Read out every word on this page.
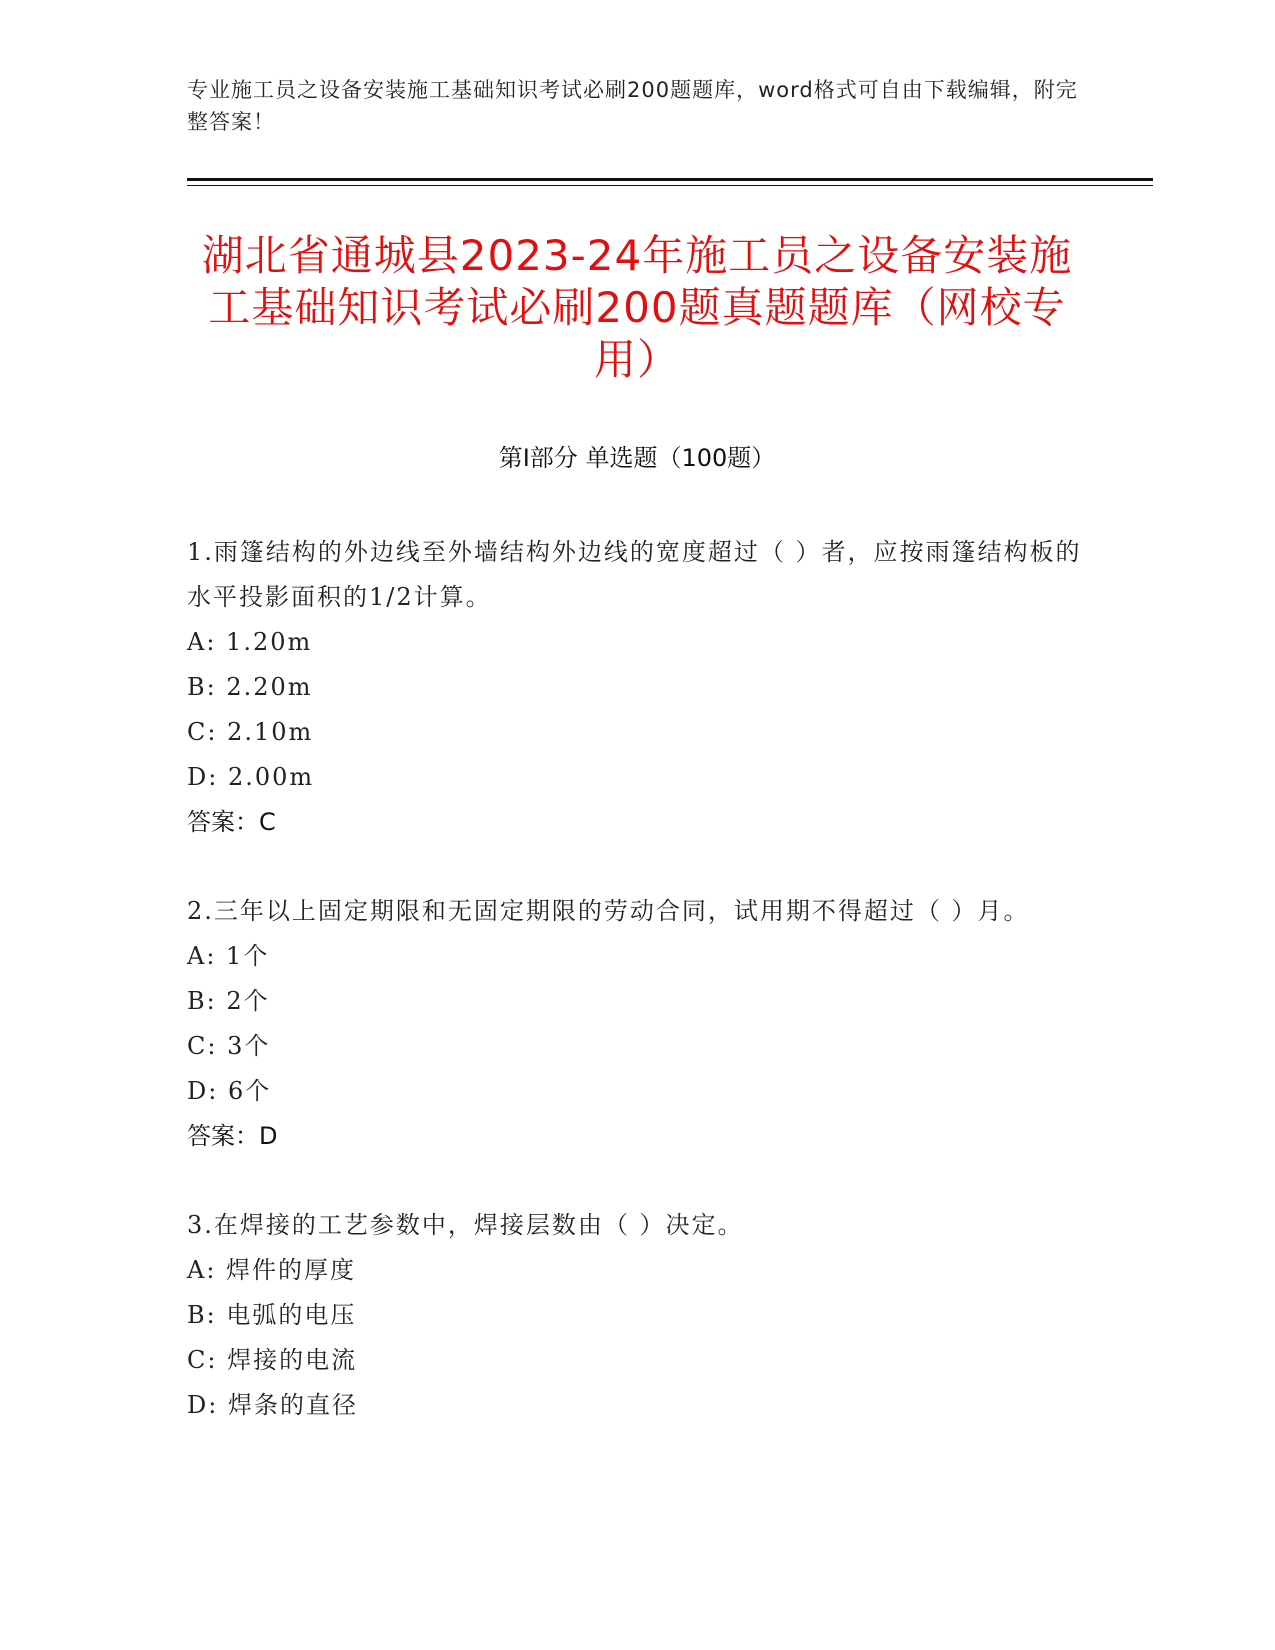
专业施工员之设备安装施工基础知识考试必刷200题题库，word格式可自由下载编辑，附完整答案！
湖北省通城县2023-24年施工员之设备安装施工基础知识考试必刷200题真题题库（网校专用）
第I部分 单选题（100题）
1.雨篷结构的外边线至外墙结构外边线的宽度超过（ ）者，应按雨篷结构板的水平投影面积的1/2计算。
A: 1.20m
B: 2.20m
C: 2.10m
D: 2.00m
答案：C
2.三年以上固定期限和无固定期限的劳动合同，试用期不得超过（ ）月。
A: 1个
B: 2个
C: 3个
D: 6个
答案：D
3.在焊接的工艺参数中，焊接层数由（ ）决定。
A: 焊件的厚度
B: 电弧的电压
C: 焊接的电流
D: 焊条的直径
